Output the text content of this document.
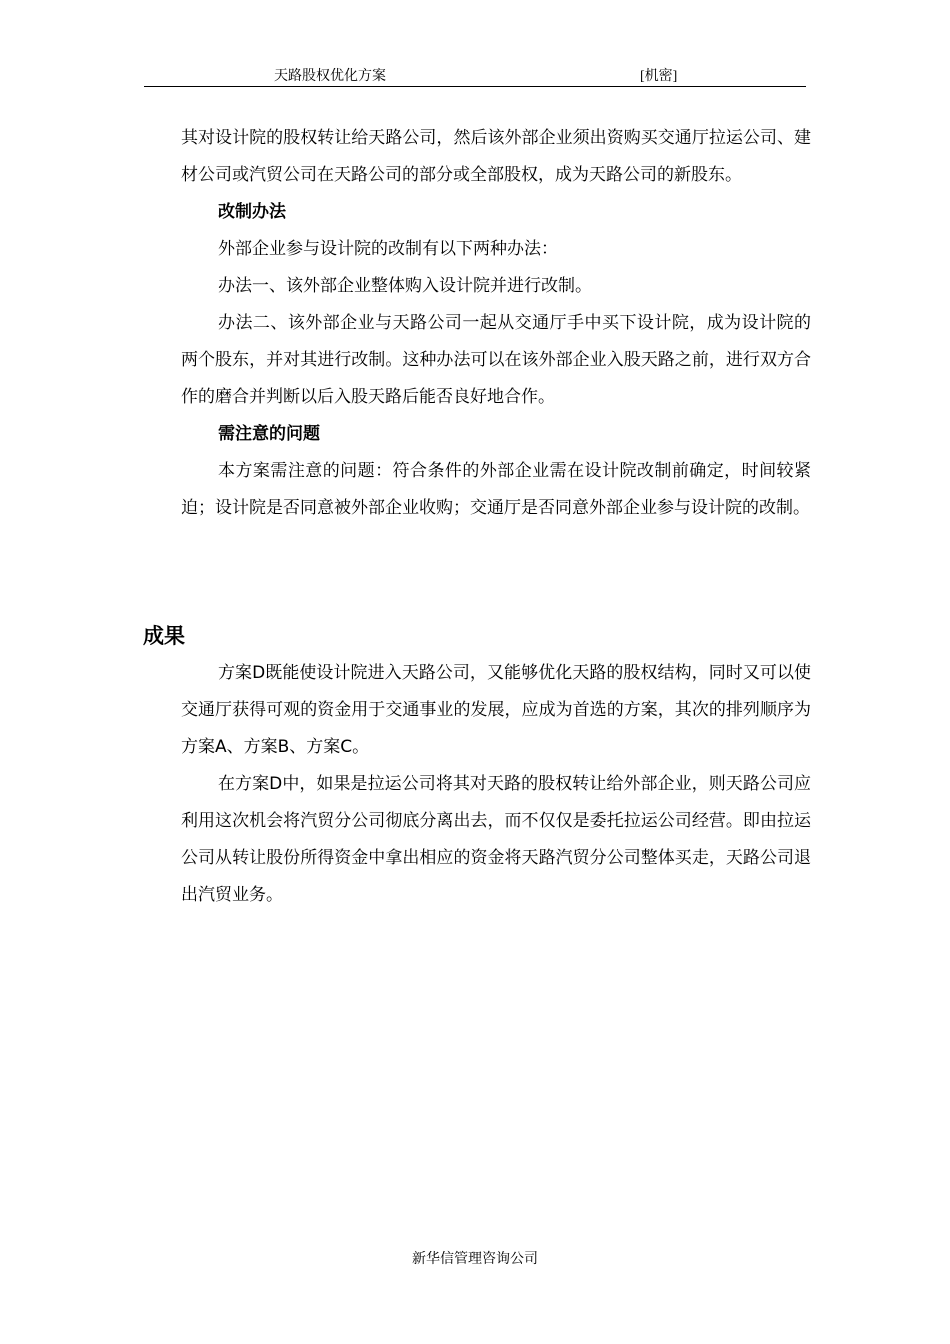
天路股权优化方案	[机密]

其对设计院的股权转让给天路公司，然后该外部企业须出资购买交通厅拉运公司、建材公司或汽贸公司在天路公司的部分或全部股权，成为天路公司的新股东。

改制办法

外部企业参与设计院的改制有以下两种办法：

办法一、该外部企业整体购入设计院并进行改制。

办法二、该外部企业与天路公司一起从交通厅手中买下设计院，成为设计院的两个股东，并对其进行改制。这种办法可以在该外部企业入股天路之前，进行双方合作的磨合并判断以后入股天路后能否良好地合作。

需注意的问题

本方案需注意的问题：符合条件的外部企业需在设计院改制前确定，时间较紧迫；设计院是否同意被外部企业收购；交通厅是否同意外部企业参与设计院的改制。

成果

方案D既能使设计院进入天路公司，又能够优化天路的股权结构，同时又可以使交通厅获得可观的资金用于交通事业的发展，应成为首选的方案，其次的排列顺序为方案A、方案B、方案C。

在方案D中，如果是拉运公司将其对天路的股权转让给外部企业，则天路公司应利用这次机会将汽贸分公司彻底分离出去，而不仅仅是委托拉运公司经营。即由拉运公司从转让股份所得资金中拿出相应的资金将天路汽贸分公司整体买走，天路公司退出汽贸业务。

新华信管理咨询公司
